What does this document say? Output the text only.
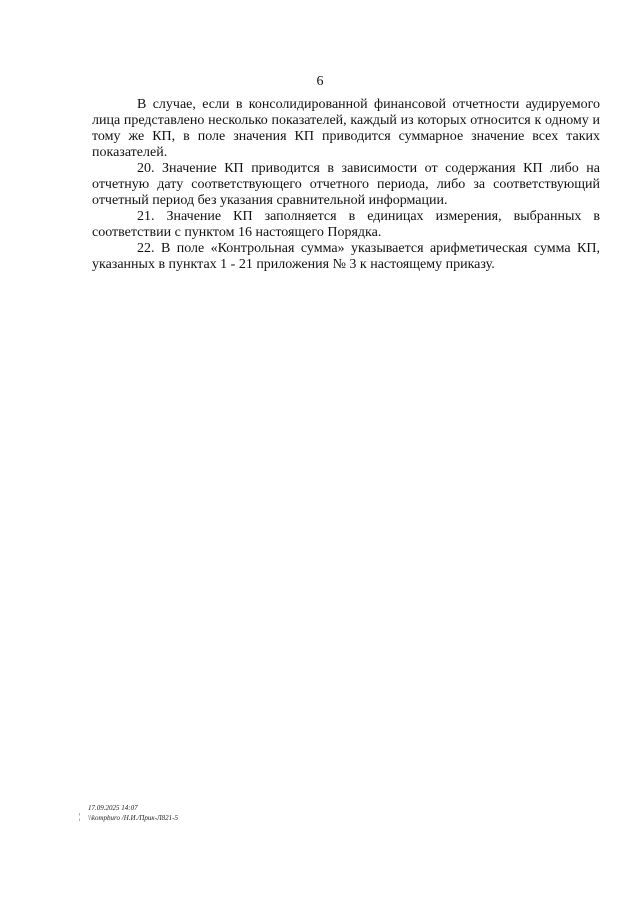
6

В случае, если в консолидированной финансовой отчетности аудируемого лица представлено несколько показателей, каждый из которых относится к одному и тому же КП, в поле значения КП приводится суммарное значение всех таких показателей.

20. Значение КП приводится в зависимости от содержания КП либо на отчетную дату соответствующего отчетного периода, либо за соответствующий отчетный период без указания сравнительной информации.

21. Значение КП заполняется в единицах измерения, выбранных в соответствии с пунктом 16 настоящего Порядка.

22. В поле «Контрольная сумма» указывается арифметическая сумма КП, указанных в пунктах 1 - 21 приложения № 3 к настоящему приказу.

¦
17.09.2025 14:07
\\kompburo /Н.И./Прик-Л821-5
